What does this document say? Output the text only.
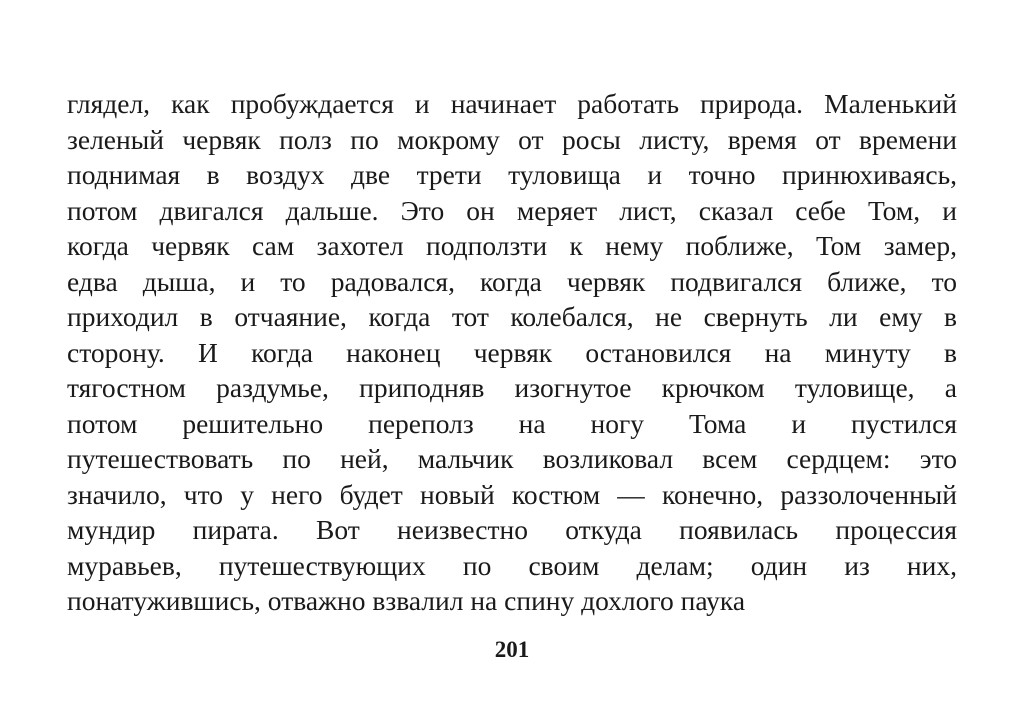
глядел, как пробуждается и начинает работать природа. Маленький
зеленый червяк полз по мокрому от росы листу, время от времени
поднимая в воздух две трети туловища и точно принюхиваясь,
потом двигался дальше. Это он меряет лист, сказал себе Том, и
когда червяк сам захотел подползти к нему поближе, Том замер,
едва дыша, и то радовался, когда червяк подвигался ближе, то
приходил в отчаяние, когда тот колебался, не свернуть ли ему в
сторону. И когда наконец червяк остановился на минуту в
тягостном раздумье, приподняв изогнутое крючком туловище, а
потом решительно переполз на ногу Тома и пустился
путешествовать по ней, мальчик возликовал всем сердцем: это
значило, что у него будет новый костюм — конечно, раззолоченный
мундир пирата. Вот неизвестно откуда появилась процессия
муравьев, путешествующих по своим делам; один из них,
понатужившись, отважно взвалил на спину дохлого паука
201
